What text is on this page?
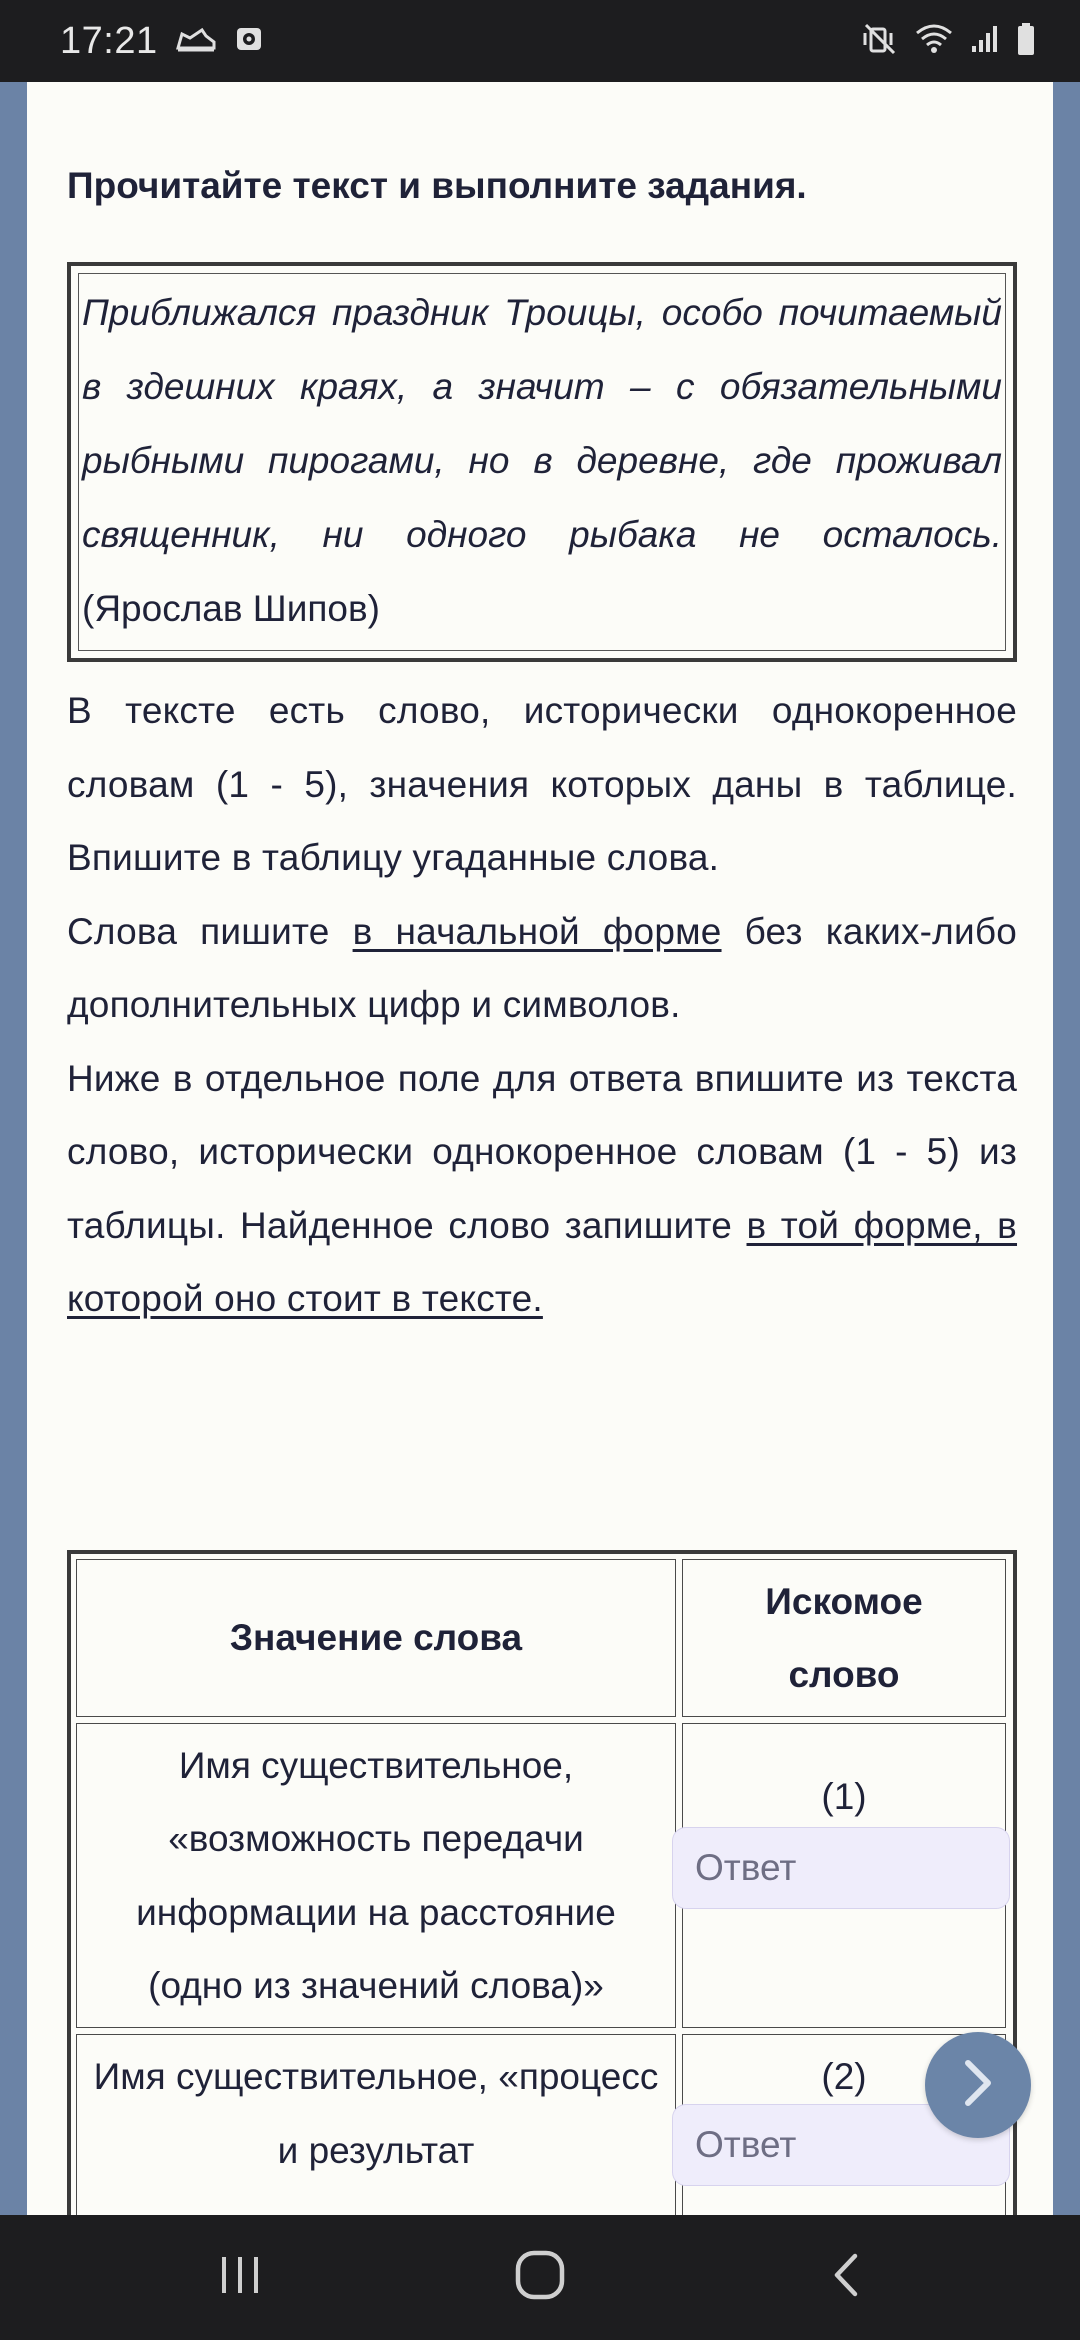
17:21

Прочитайте текст и выполните задания.

Приближался праздник Троицы, особо почитаемый в здешних краях, а значит – с обязательными рыбными пирогами, но в деревне, где проживал священник, ни одного рыбака не осталось. (Ярослав Шипов)

В тексте есть слово, исторически однокоренное словам (1 - 5), значения которых даны в таблице. Впишите в таблицу угаданные слова.

Слова пишите в начальной форме без каких-либо дополнительных цифр и символов.

Ниже в отдельное поле для ответа впишите из текста слово, исторически однокоренное словам (1 - 5) из таблицы. Найденное слово запишите в той форме, в которой оно стоит в тексте.

Значение слова
Искомое слово
Имя существительное, «возможность передачи информации на расстояние (одно из значений слова)»
(1)
Имя существительное, «процесс и результат
(2)
Ответ
Ответ
